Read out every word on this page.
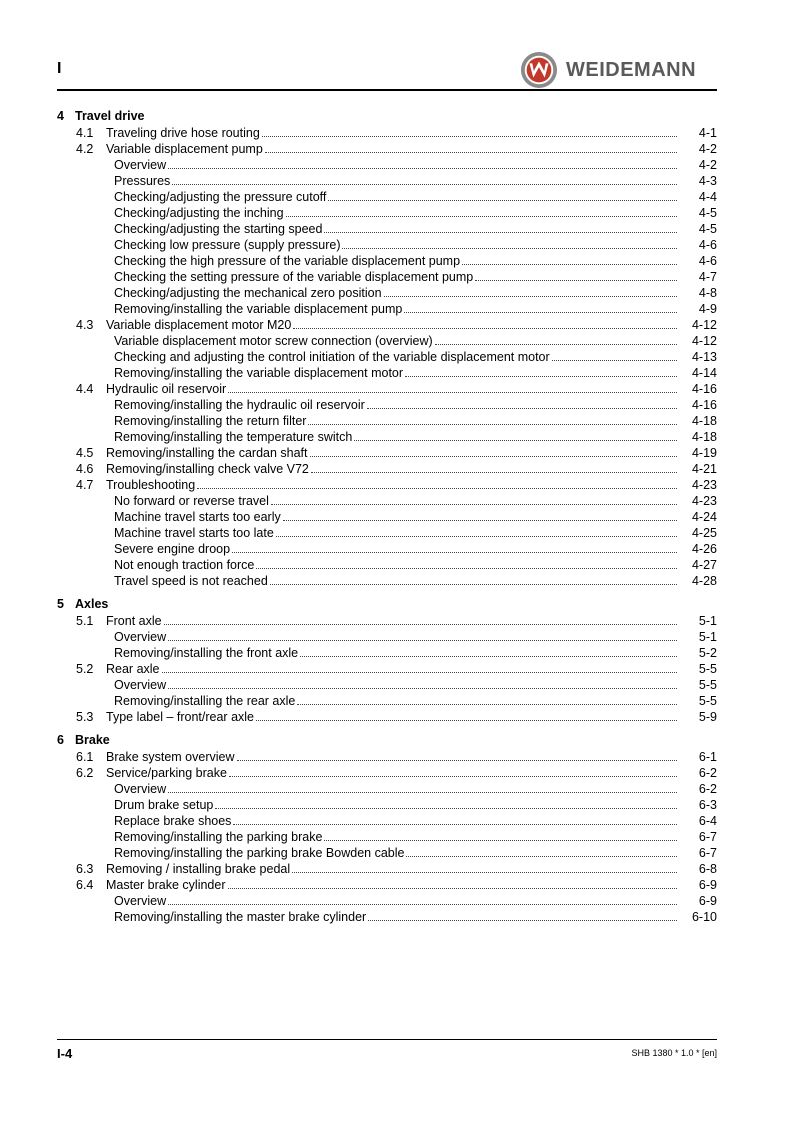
I	WEIDEMANN
4 Travel drive
4.1	Traveling drive hose routing	4-1
4.2	Variable displacement pump	4-2
Overview	4-2
Pressures	4-3
Checking/adjusting the pressure cutoff	4-4
Checking/adjusting the inching	4-5
Checking/adjusting the starting speed	4-5
Checking low pressure (supply pressure)	4-6
Checking the high pressure of the variable displacement pump	4-6
Checking the setting pressure of the variable displacement pump	4-7
Checking/adjusting the mechanical zero position	4-8
Removing/installing the variable displacement pump	4-9
4.3	Variable displacement motor M20	4-12
Variable displacement motor screw connection (overview)	4-12
Checking and adjusting the control initiation of the variable displacement motor	4-13
Removing/installing the variable displacement motor	4-14
4.4	Hydraulic oil reservoir	4-16
Removing/installing the hydraulic oil reservoir	4-16
Removing/installing the return filter	4-18
Removing/installing the temperature switch	4-18
4.5	Removing/installing the cardan shaft	4-19
4.6	Removing/installing check valve V72	4-21
4.7	Troubleshooting	4-23
No forward or reverse travel	4-23
Machine travel starts too early	4-24
Machine travel starts too late	4-25
Severe engine droop	4-26
Not enough traction force	4-27
Travel speed is not reached	4-28
5 Axles
5.1	Front axle	5-1
Overview	5-1
Removing/installing the front axle	5-2
5.2	Rear axle	5-5
Overview	5-5
Removing/installing the rear axle	5-5
5.3	Type label – front/rear axle	5-9
6 Brake
6.1	Brake system overview	6-1
6.2	Service/parking brake	6-2
Overview	6-2
Drum brake setup	6-3
Replace brake shoes	6-4
Removing/installing the parking brake	6-7
Removing/installing the parking brake Bowden cable	6-7
6.3	Removing / installing brake pedal	6-8
6.4	Master brake cylinder	6-9
Overview	6-9
Removing/installing the master brake cylinder	6-10
I-4	SHB 1380 * 1.0 * [en]
